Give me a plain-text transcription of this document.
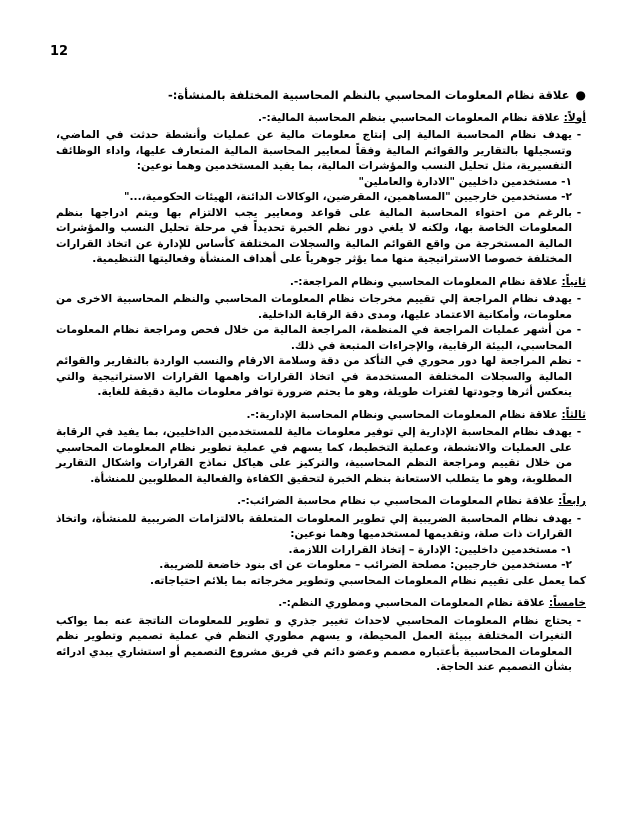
12
●
علاقة نظام المعلومات المحاسبي بالنظم المحاسبية المختلفة بالمنشأة:-
أولاً: علاقة نظام المعلومات المحاسبي بنظم المحاسبة المالية:-.
-
يهدف نظام المحاسبة المالية إلى إنتاج معلومات مالية عن عمليات وأنشطة حدثت في الماضي، وتسجيلها بالتقارير والقوائم المالية وفقاً لمعايير المحاسبة المالية المتعارف عليها، واداء الوظائف التفسيرية، مثل تحليل النسب والمؤشرات المالية، بما يفيد المستخدمين وهما نوعين:
١- مستخدمين داخليين "الادارة والعاملين"
٢- مستخدمين خارجيين "المساهمين، المقرضين، الوكالات الدائنة، الهيئات الحكومية،..."
-
بالرغم من احتواء المحاسبة المالية على قواعد ومعايير يجب الالتزام بها ويتم ادراجها بنظم المعلومات الخاصة بها، ولكنه لا يلغي دور نظم الخبرة تحديداً في مرحلة تحليل النسب والمؤشرات المالية المستخرجة من واقع القوائم المالية والسجلات المختلفة كأساس للإدارة عن اتخاذ القرارات المختلفة خصوصا الاستراتيجية منها مما يؤثر جوهرياً على أهداف المنشأة وفعاليتها التنظيمية.
ثانياً: علاقة نظام المعلومات المحاسبي ونظام المراجعة:-.
-
يهدف نظام المراجعة إلي تقييم مخرجات نظام المعلومات المحاسبي والنظم المحاسبية الاخرى من معلومات، وأمكانية الاعتماد عليها، ومدى دقة الرقابة الداخلية.
-
من أشهر عمليات المراجعة في المنظمة، المراجعة المالية من خلال فحص ومراجعة نظام المعلومات المحاسبي، البيئة الرقابية، والإجراءات المتبعة في ذلك.
-
نظم المراجعة لها دور محوري في التأكد من دقة وسلامة الارقام والنسب الواردة بالتقارير والقوائم المالية والسجلات المختلفة المستخدمة في اتخاذ القرارات واهمها القرارات الاستراتيجية والتي ينعكس أثرها وجودتها لفترات طويلة، وهو ما يحتم ضرورة توافر معلومات مالية دقيقة للغاية.
ثالثاً: علاقة نظام المعلومات المحاسبي ونظام المحاسبة الإدارية:-.
-
يهدف نظام المحاسبة الإدارية إلي توفير معلومات مالية للمستخدمين الداخليين، بما يفيد في الرقابة على العمليات والانشطة، وعملية التخطيط، كما يسهم في عملية تطوير نظام المعلومات المحاسبي من خلال تقييم ومراجعة النظم المحاسبية، والتركيز على هياكل نماذج القرارات واشكال التقارير المطلوبة، وهو ما يتطلب الاستعانة بنظم الخبرة لتحقيق الكفاءة والفعالية المطلوبين للمنشأة.
رابعاً: علاقة نظام المعلومات المحاسبي ب نظام محاسبة الضرائب:-.
-
يهدف نظام المحاسبة الضريبية إلي تطوير المعلومات المتعلقة بالالتزامات الضريبية للمنشأة، واتخاذ القرارات ذات صلة، وتقديمها لمستخدميها وهما نوعين:
١- مستخدمين داخليين: الإدارة – إتخاذ القرارات اللازمة.
٢- مستخدمين خارجيين: مصلحة الضرائب – معلومات عن اى بنود خاضعة للضريبة.
كما يعمل على تقييم نظام المعلومات المحاسبي وتطوير مخرجاته بما يلائم احتياجاته.
خامساً: علاقة نظام المعلومات المحاسبي ومطوري النظم:-.
-
يحتاج نظام المعلومات المحاسبي لاحداث تغيير جذري و تطوير للمعلومات الناتجة عنه بما يواكب التغيرات المختلفة ببيئة العمل المحيطة، و يسهم مطوري النظم في عملية تصميم وتطوير نظم المعلومات المحاسبية بأعتباره مصمم وعضو دائم في فريق مشروع التصميم أو استشاري يبدي ادرائه بشأن التصميم عند الحاجة.
